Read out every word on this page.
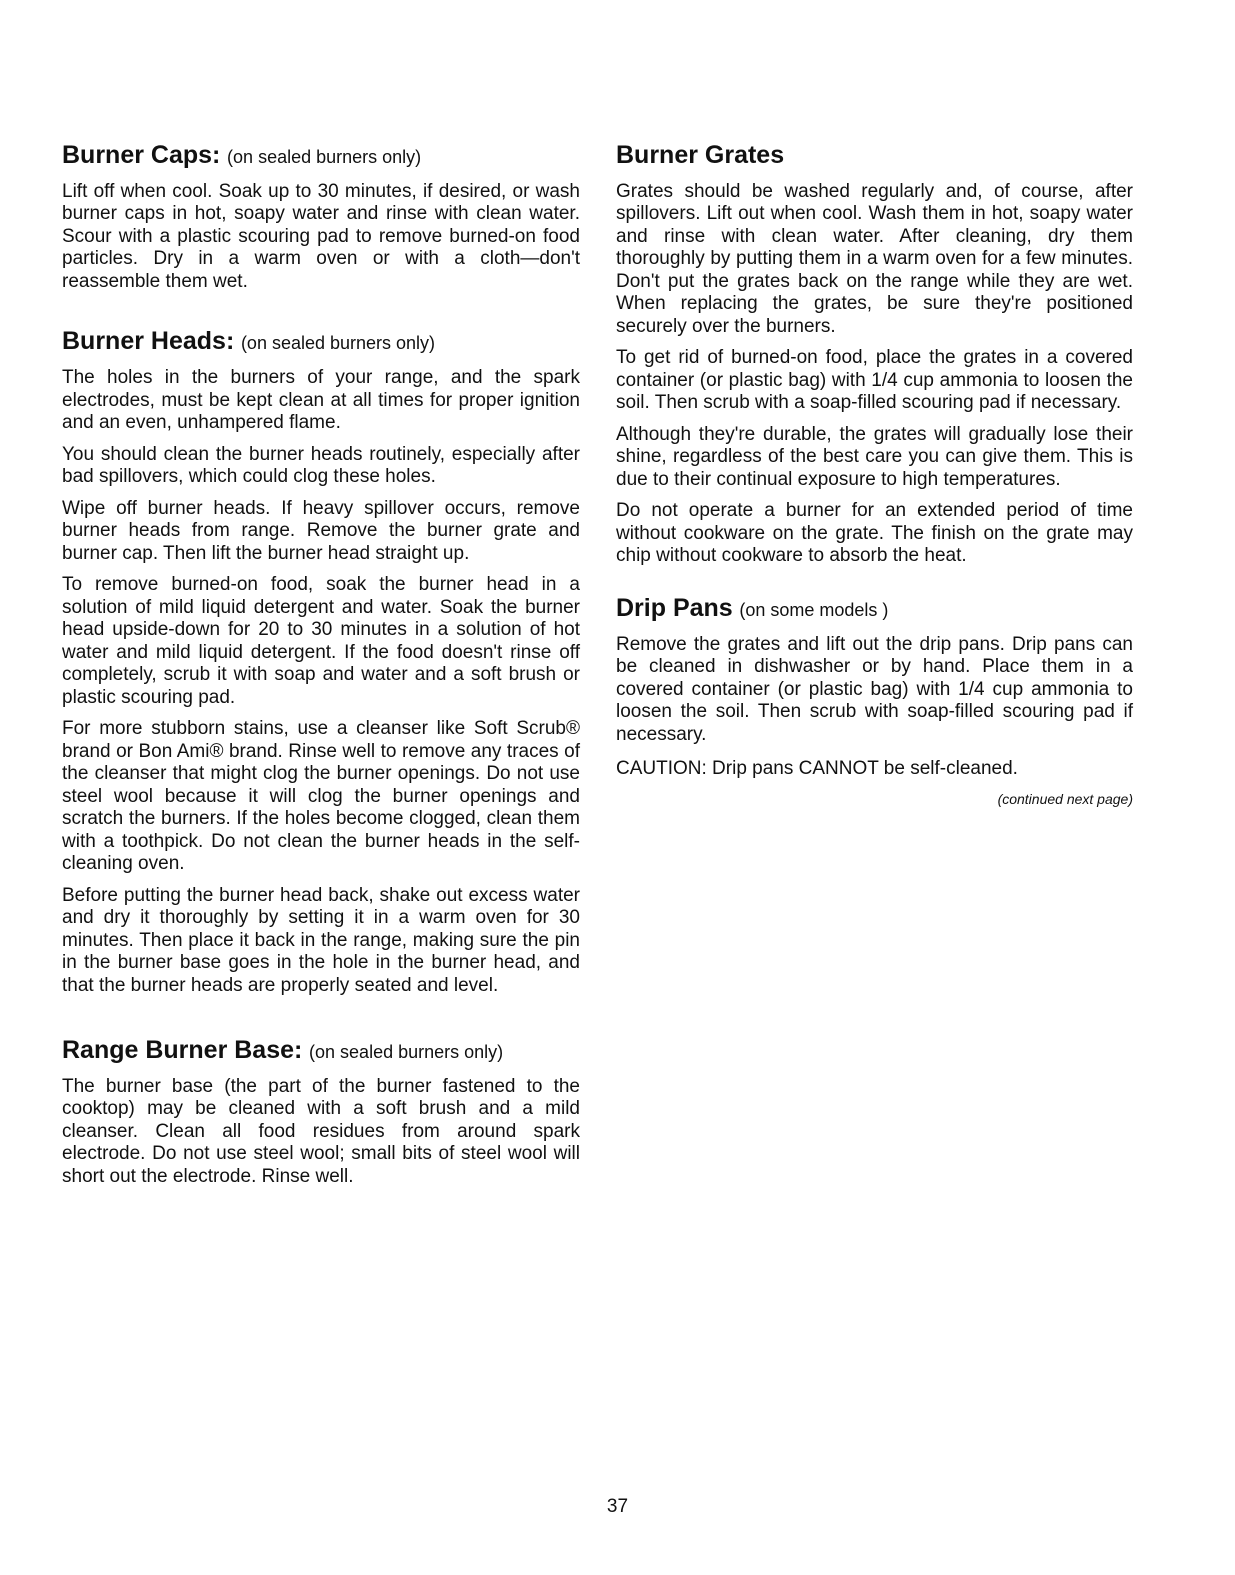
Burner Caps: (on sealed burners only)

Lift off when cool. Soak up to 30 minutes, if desired, or wash burner caps in hot, soapy water and rinse with clean water. Scour with a plastic scouring pad to remove burned-on food particles. Dry in a warm oven or with a cloth—don't reassemble them wet.

Burner Heads: (on sealed burners only)

The holes in the burners of your range, and the spark electrodes, must be kept clean at all times for proper ignition and an even, unhampered flame.

You should clean the burner heads routinely, especially after bad spillovers, which could clog these holes.

Wipe off burner heads. If heavy spillover occurs, remove burner heads from range. Remove the burner grate and burner cap. Then lift the burner head straight up.

To remove burned-on food, soak the burner head in a solution of mild liquid detergent and water. Soak the burner head upside-down for 20 to 30 minutes in a solution of hot water and mild liquid detergent. If the food doesn't rinse off completely, scrub it with soap and water and a soft brush or plastic scouring pad.

For more stubborn stains, use a cleanser like Soft Scrub® brand or Bon Ami® brand. Rinse well to remove any traces of the cleanser that might clog the burner openings. Do not use steel wool because it will clog the burner openings and scratch the burners. If the holes become clogged, clean them with a toothpick. Do not clean the burner heads in the self-cleaning oven.

Before putting the burner head back, shake out excess water and dry it thoroughly by setting it in a warm oven for 30 minutes. Then place it back in the range, making sure the pin in the burner base goes in the hole in the burner head, and that the burner heads are properly seated and level.

Range Burner Base: (on sealed burners only)

The burner base (the part of the burner fastened to the cooktop) may be cleaned with a soft brush and a mild cleanser. Clean all food residues from around spark electrode. Do not use steel wool; small bits of steel wool will short out the electrode. Rinse well.

Burner Grates

Grates should be washed regularly and, of course, after spillovers. Lift out when cool. Wash them in hot, soapy water and rinse with clean water. After cleaning, dry them thoroughly by putting them in a warm oven for a few minutes. Don't put the grates back on the range while they are wet. When replacing the grates, be sure they're positioned securely over the burners.

To get rid of burned-on food, place the grates in a covered container (or plastic bag) with 1/4 cup ammonia to loosen the soil. Then scrub with a soap-filled scouring pad if necessary.

Although they're durable, the grates will gradually lose their shine, regardless of the best care you can give them. This is due to their continual exposure to high temperatures.

Do not operate a burner for an extended period of time without cookware on the grate. The finish on the grate may chip without cookware to absorb the heat.

Drip Pans (on some models )

Remove the grates and lift out the drip pans. Drip pans can be cleaned in dishwasher or by hand. Place them in a covered container (or plastic bag) with 1/4 cup ammonia to loosen the soil. Then scrub with soap-filled scouring pad if necessary.

CAUTION: Drip pans CANNOT be self-cleaned.

(continued next page)

37
